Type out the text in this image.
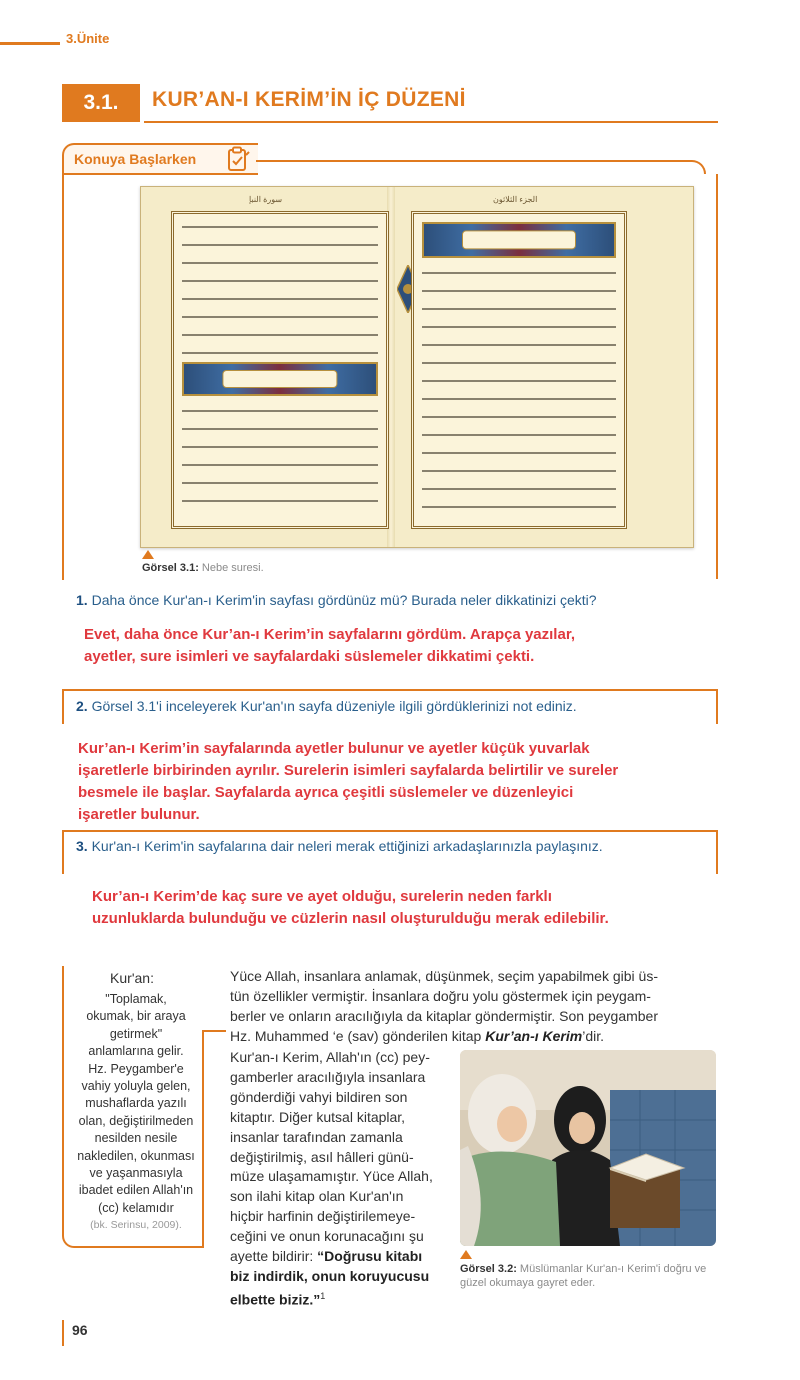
3.Ünite
3.1.	KUR’AN-I KERİM’İN İÇ DÜZENİ
Konuya Başlarken
سورة النبإ	الجزء الثلاثون
Görsel 3.1: Nebe suresi.
1. Daha önce Kur'an-ı Kerim'in sayfası gördünüz mü? Burada neler dikkatinizi çekti?
Evet, daha önce Kur’an-ı Kerim’in sayfalarını gördüm. Arapça yazılar,
ayetler, sure isimleri ve sayfalardaki süslemeler dikkatimi çekti.
2. Görsel 3.1'i inceleyerek Kur'an'ın sayfa düzeniyle ilgili gördüklerinizi not ediniz.
Kur’an-ı Kerim’in sayfalarında ayetler bulunur ve ayetler küçük yuvarlak
işaretlerle birbirinden ayrılır. Surelerin isimleri sayfalarda belirtilir ve sureler
besmele ile başlar. Sayfalarda ayrıca çeşitli süslemeler ve düzenleyici
işaretler bulunur.
3. Kur'an-ı Kerim'in sayfalarına dair neleri merak ettiğinizi arkadaşlarınızla paylaşınız.
Kur’an-ı Kerim’de kaç sure ve ayet olduğu, surelerin neden farklı
uzunluklarda bulunduğu ve cüzlerin nasıl oluşturulduğu merak edilebilir.
Kur'an:
"Toplamak,
okumak, bir araya
getirmek"
anlamlarına gelir.
Hz. Peygamber'e
vahiy yoluyla gelen,
mushaflarda yazılı
olan, değiştirilmeden
nesilden nesile
nakledilen, okunması
ve yaşanmasıyla
ibadet edilen Allah'ın
(cc) kelamıdır
(bk. Serinsu, 2009).
Yüce Allah, insanlara anlamak, düşünmek, seçim yapabilmek gibi üs-
tün özellikler vermiştir. İnsanlara doğru yolu göstermek için peygam-
berler ve onların aracılığıyla da kitaplar göndermiştir. Son peygamber
Hz. Muhammed ‘e (sav) gönderilen kitap Kur’an-ı Kerim’dir.
Kur'an-ı Kerim, Allah'ın (cc) pey-
gamberler aracılığıyla insanlara
gönderdiği vahyi bildiren son
kitaptır. Diğer kutsal kitaplar,
insanlar tarafından zamanla
değiştirilmiş, asıl hâlleri günü-
müze ulaşamamıştır. Yüce Allah,
son ilahi kitap olan Kur'an'ın
hiçbir harfinin değiştirilemeye-
ceğini ve onun korunacağını şu
ayette bildirir: “Doğrusu kitabı
biz indirdik, onun koruyucusu
elbette biziz.”$^1$
Görsel 3.2: Müslümanlar Kur'an-ı Kerim'i doğru ve güzel okumaya gayret eder.
96
